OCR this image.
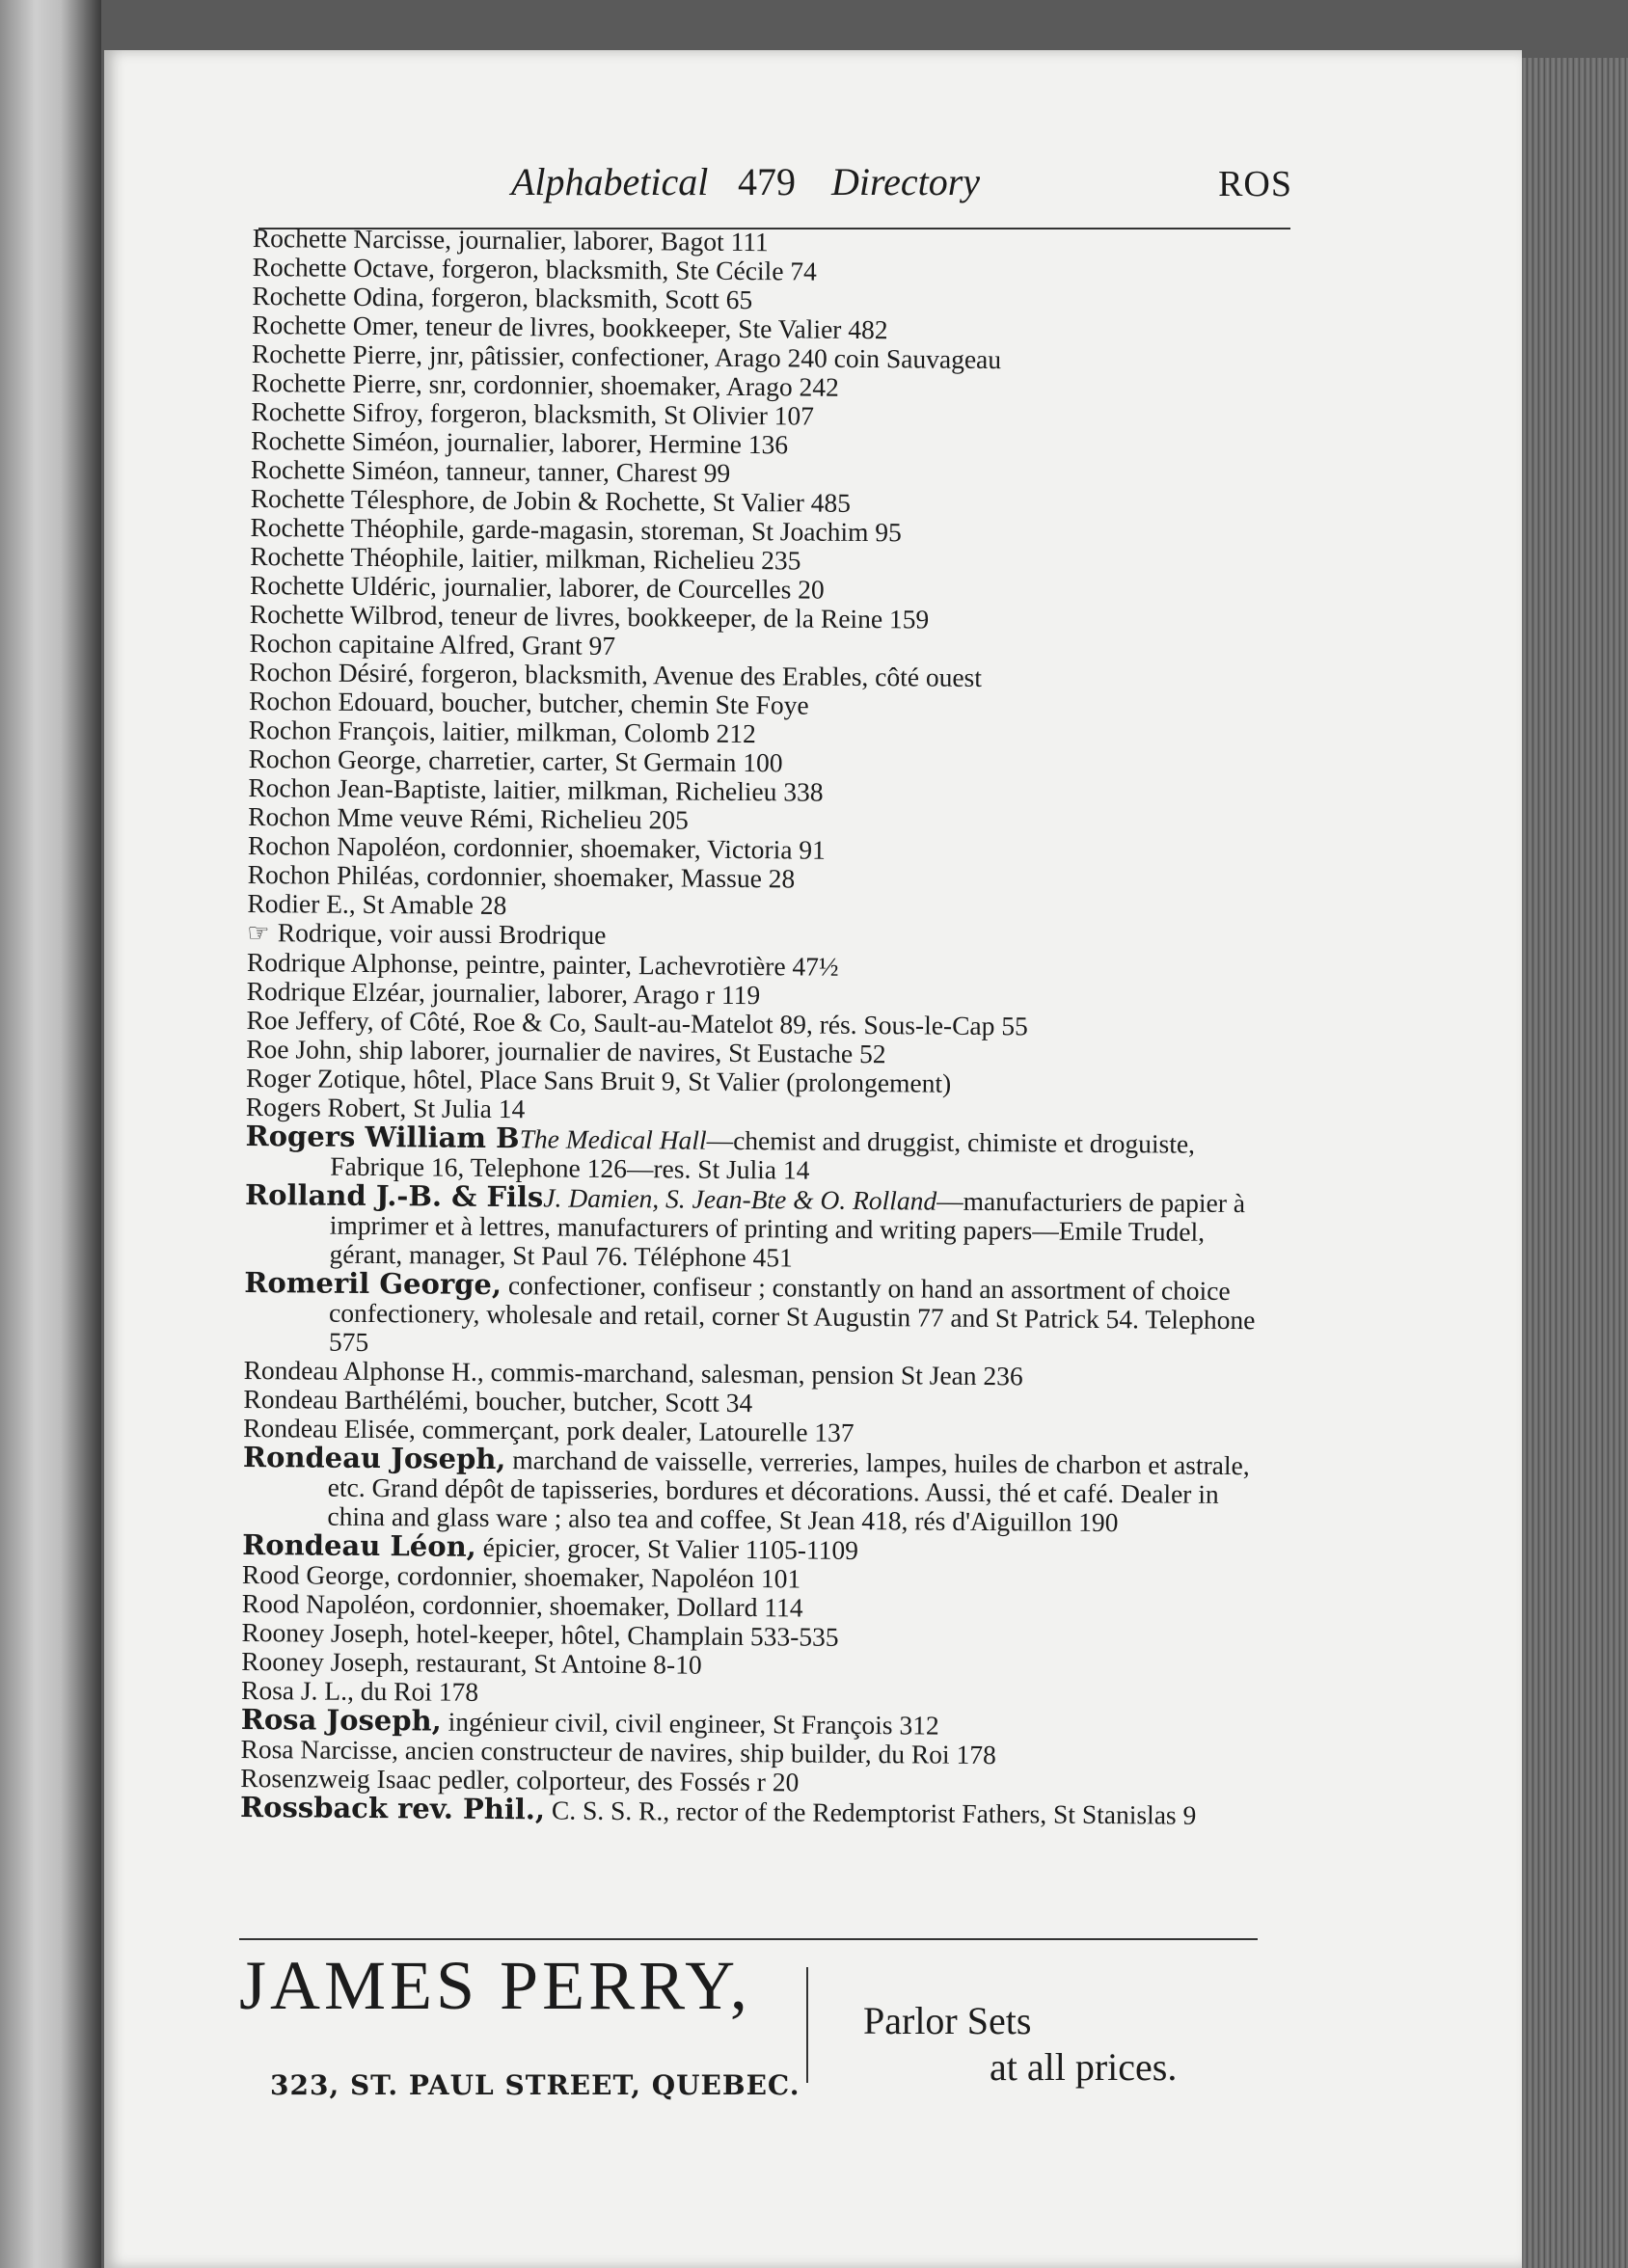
Alphabetical 479 Directory	ROS

Rochette Narcisse, journalier, laborer, Bagot 111

Rochette Octave, forgeron, blacksmith, Ste Cécile 74

Rochette Odina, forgeron, blacksmith, Scott 65

Rochette Omer, teneur de livres, bookkeeper, Ste Valier 482

Rochette Pierre, jnr, pâtissier, confectioner, Arago 240 coin Sauvageau

Rochette Pierre, snr, cordonnier, shoemaker, Arago 242

Rochette Sifroy, forgeron, blacksmith, St Olivier 107

Rochette Siméon, journalier, laborer, Hermine 136

Rochette Siméon, tanneur, tanner, Charest 99

Rochette Télesphore, de Jobin & Rochette, St Valier 485

Rochette Théophile, garde-magasin, storeman, St Joachim 95

Rochette Théophile, laitier, milkman, Richelieu 235

Rochette Uldéric, journalier, laborer, de Courcelles 20

Rochette Wilbrod, teneur de livres, bookkeeper, de la Reine 159

Rochon capitaine Alfred, Grant 97

Rochon Désiré, forgeron, blacksmith, Avenue des Erables, côté ouest

Rochon Edouard, boucher, butcher, chemin Ste Foye

Rochon François, laitier, milkman, Colomb 212

Rochon George, charretier, carter, St Germain 100

Rochon Jean-Baptiste, laitier, milkman, Richelieu 338

Rochon Mme veuve Rémi, Richelieu 205

Rochon Napoléon, cordonnier, shoemaker, Victoria 91

Rochon Philéas, cordonnier, shoemaker, Massue 28

Rodier E., St Amable 28

☞ Rodrique, voir aussi Brodrique

Rodrique Alphonse, peintre, painter, Lachevrotière 47½

Rodrique Elzéar, journalier, laborer, Arago r 119

Roe Jeffery, of Côté, Roe & Co, Sault-au-Matelot 89, rés. Sous-le-Cap 55

Roe John, ship laborer, journalier de navires, St Eustache 52

Roger Zotique, hôtel, Place Sans Bruit 9, St Valier (prolongement)

Rogers Robert, St Julia 14

Rogers William BThe Medical Hall—chemist and druggist, chimiste et droguiste, Fabrique 16, Telephone 126—res. St Julia 14

Rolland J.-B. & FilsJ. Damien, S. Jean-Bte & O. Rolland—manufacturiers de papier à imprimer et à lettres, manufacturers of printing and writing papers—Emile Trudel, gérant, manager, St Paul 76. Téléphone 451

Romeril George, confectioner, confiseur ; constantly on hand an assortment of choice confectionery, wholesale and retail, corner St Augustin 77 and St Patrick 54. Telephone 575

Rondeau Alphonse H., commis-marchand, salesman, pension St Jean 236

Rondeau Barthélémi, boucher, butcher, Scott 34

Rondeau Elisée, commerçant, pork dealer, Latourelle 137

Rondeau Joseph, marchand de vaisselle, verreries, lampes, huiles de charbon et astrale, etc. Grand dépôt de tapisseries, bordures et décorations. Aussi, thé et café. Dealer in china and glass ware ; also tea and coffee, St Jean 418, rés d'Aiguillon 190

Rondeau Léon, épicier, grocer, St Valier 1105-1109

Rood George, cordonnier, shoemaker, Napoléon 101

Rood Napoléon, cordonnier, shoemaker, Dollard 114

Rooney Joseph, hotel-keeper, hôtel, Champlain 533-535

Rooney Joseph, restaurant, St Antoine 8-10

Rosa J. L., du Roi 178

Rosa Joseph, ingénieur civil, civil engineer, St François 312

Rosa Narcisse, ancien constructeur de navires, ship builder, du Roi 178

Rosenzweig Isaac pedler, colporteur, des Fossés r 20

Rossback rev. Phil., C. S. S. R., rector of the Redemptorist Fathers, St Stanislas 9

JAMES PERRY,
323, ST. PAUL STREET, QUEBEC.
Parlor Sets
at all prices.
